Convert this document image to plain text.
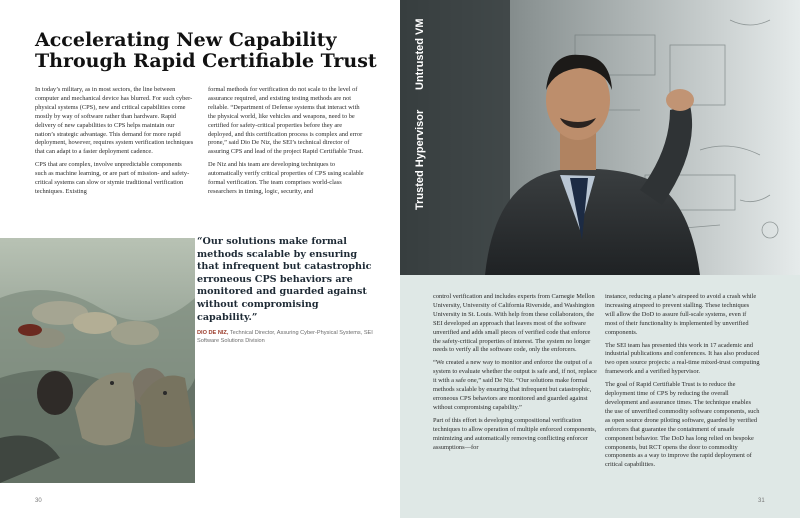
Accelerating New Capability Through Rapid Certifiable Trust

In today’s military, as in most sectors, the line between computer and mechanical device has blurred. For such cyber-physical systems (CPS), new and critical capabilities come mostly by way of software rather than hardware. Rapid delivery of new capabilities to CPS helps maintain our nation’s strategic advantage. This demand for more rapid deployment, however, requires system verification techniques that can adapt to a faster deployment cadence.

CPS that are complex, involve unpredictable components such as machine learning, or are part of mission- and safety-critical systems can slow or stymie traditional verification techniques. Existing

formal methods for verification do not scale to the level of assurance required, and existing testing methods are not reliable. “Department of Defense systems that interact with the physical world, like vehicles and weapons, need to be certified for safety-critical properties before they are deployed, and this certification process is complex and error prone,” said Dio De Niz, the SEI’s technical director of assuring CPS and lead of the project Rapid Certifiable Trust.

De Niz and his team are developing techniques to automatically verify critical properties of CPS using scalable formal verification. The team comprises world-class researchers in timing, logic, security, and

“Our solutions make formal methods scalable by ensuring that infrequent but catastrophic erroneous CPS behaviors are monitored and guarded against without compromising capability.”

DIO DE NIZ, Technical Director, Assuring Cyber-Physical Systems, SEI Software Solutions Division
30
Untrusted VM
Trusted Hypervisor

control verification and includes experts from Carnegie Mellon University, University of California Riverside, and Washington University in St. Louis. With help from these collaborators, the SEI developed an approach that leaves most of the software unverified and adds small pieces of verified code that enforce the safety-critical properties of interest. The system no longer needs to verify all the software code, only the enforcers.

“We created a new way to monitor and enforce the output of a system to evaluate whether the output is safe and, if not, replace it with a safe one,” said De Niz. “Our solutions make formal methods scalable by ensuring that infrequent but catastrophic, erroneous CPS behaviors are monitored and guarded against without compromising capability.”

Part of this effort is developing compositional verification techniques to allow operation of multiple enforced components, minimizing and automatically removing conflicting enforcer assumptions—for

instance, reducing a plane’s airspeed to avoid a crash while increasing airspeed to prevent stalling. These techniques will allow the DoD to assure full-scale systems, even if most of their functionality is implemented by unverified components.

The SEI team has presented this work in 17 academic and industrial publications and conferences. It has also produced two open source projects: a real-time mixed-trust computing framework and a verified hypervisor.

The goal of Rapid Certifiable Trust is to reduce the deployment time of CPS by reducing the overall development and assurance times. The technique enables the use of unverified commodity software components, such as open source drone piloting software, guarded by verified enforcers that guarantee the containment of unsafe component behavior. The DoD has long relied on bespoke components, but RCT opens the door to commodity components as a way to improve the rapid deployment of critical capabilities.

31
